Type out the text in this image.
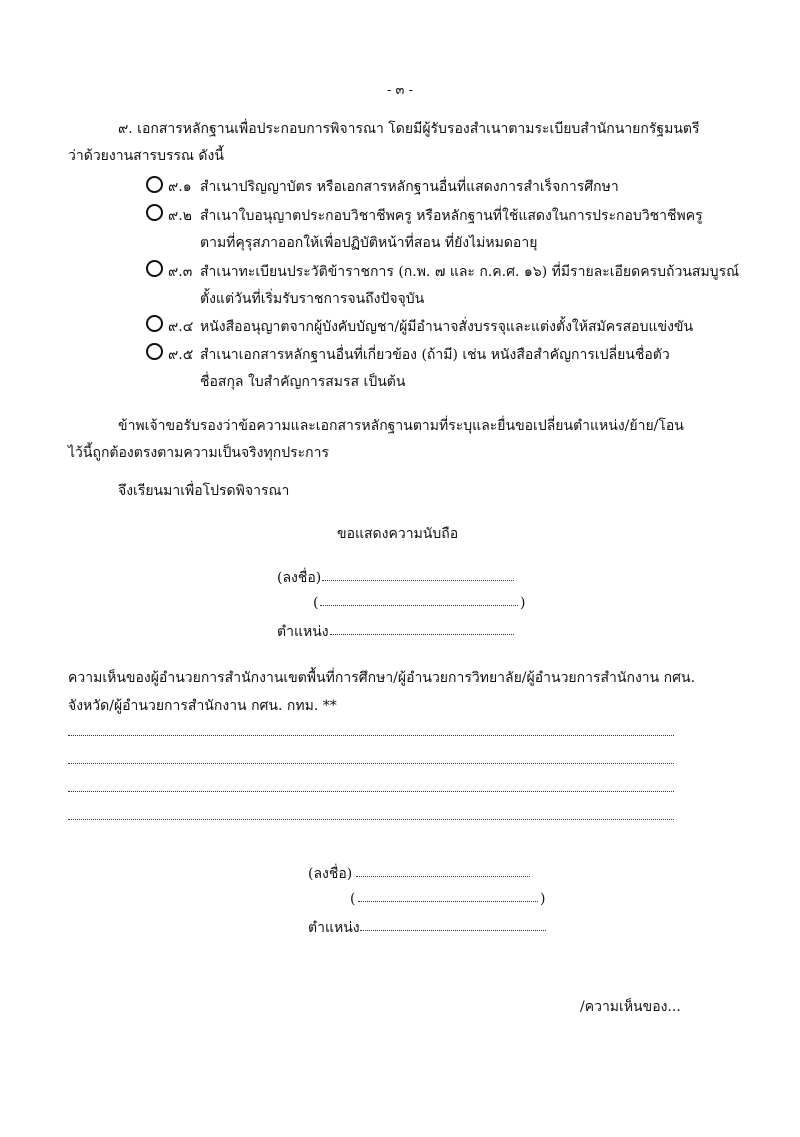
- ๓ -
๙. เอกสารหลักฐานเพื่อประกอบการพิจารณา โดยมีผู้รับรองสำเนาตามระเบียบสำนักนายกรัฐมนตรี
ว่าด้วยงานสารบรรณ ดังนี้
๙.๑ สำเนาปริญญาบัตร หรือเอกสารหลักฐานอื่นที่แสดงการสำเร็จการศึกษา
๙.๒ สำเนาใบอนุญาตประกอบวิชาชีพครู หรือหลักฐานที่ใช้แสดงในการประกอบวิชาชีพครู
ตามที่คุรุสภาออกให้เพื่อปฏิบัติหน้าที่สอน ที่ยังไม่หมดอายุ
๙.๓ สำเนาทะเบียนประวัติข้าราชการ (ก.พ. ๗ และ ก.ค.ศ. ๑๖) ที่มีรายละเอียดครบถ้วนสมบูรณ์
ตั้งแต่วันที่เริ่มรับราชการจนถึงปัจจุบัน
๙.๔ หนังสืออนุญาตจากผู้บังคับบัญชา/ผู้มีอำนาจสั่งบรรจุและแต่งตั้งให้สมัครสอบแข่งขัน
๙.๕ สำเนาเอกสารหลักฐานอื่นที่เกี่ยวข้อง (ถ้ามี) เช่น หนังสือสำคัญการเปลี่ยนชื่อตัว
ชื่อสกุล ใบสำคัญการสมรส เป็นต้น
ข้าพเจ้าขอรับรองว่าข้อความและเอกสารหลักฐานตามที่ระบุและยื่นขอเปลี่ยนตำแหน่ง/ย้าย/โอน
ไว้นี้ถูกต้องตรงตามความเป็นจริงทุกประการ
จึงเรียนมาเพื่อโปรดพิจารณา
ขอแสดงความนับถือ
(ลงชื่อ)
(	)
ตำแหน่ง
ความเห็นของผู้อำนวยการสำนักงานเขตพื้นที่การศึกษา/ผู้อำนวยการวิทยาลัย/ผู้อำนวยการสำนักงาน กศน.
จังหวัด/ผู้อำนวยการสำนักงาน กศน. กทม. **
(ลงชื่อ)
(	)
ตำแหน่ง
/ความเห็นของ...
